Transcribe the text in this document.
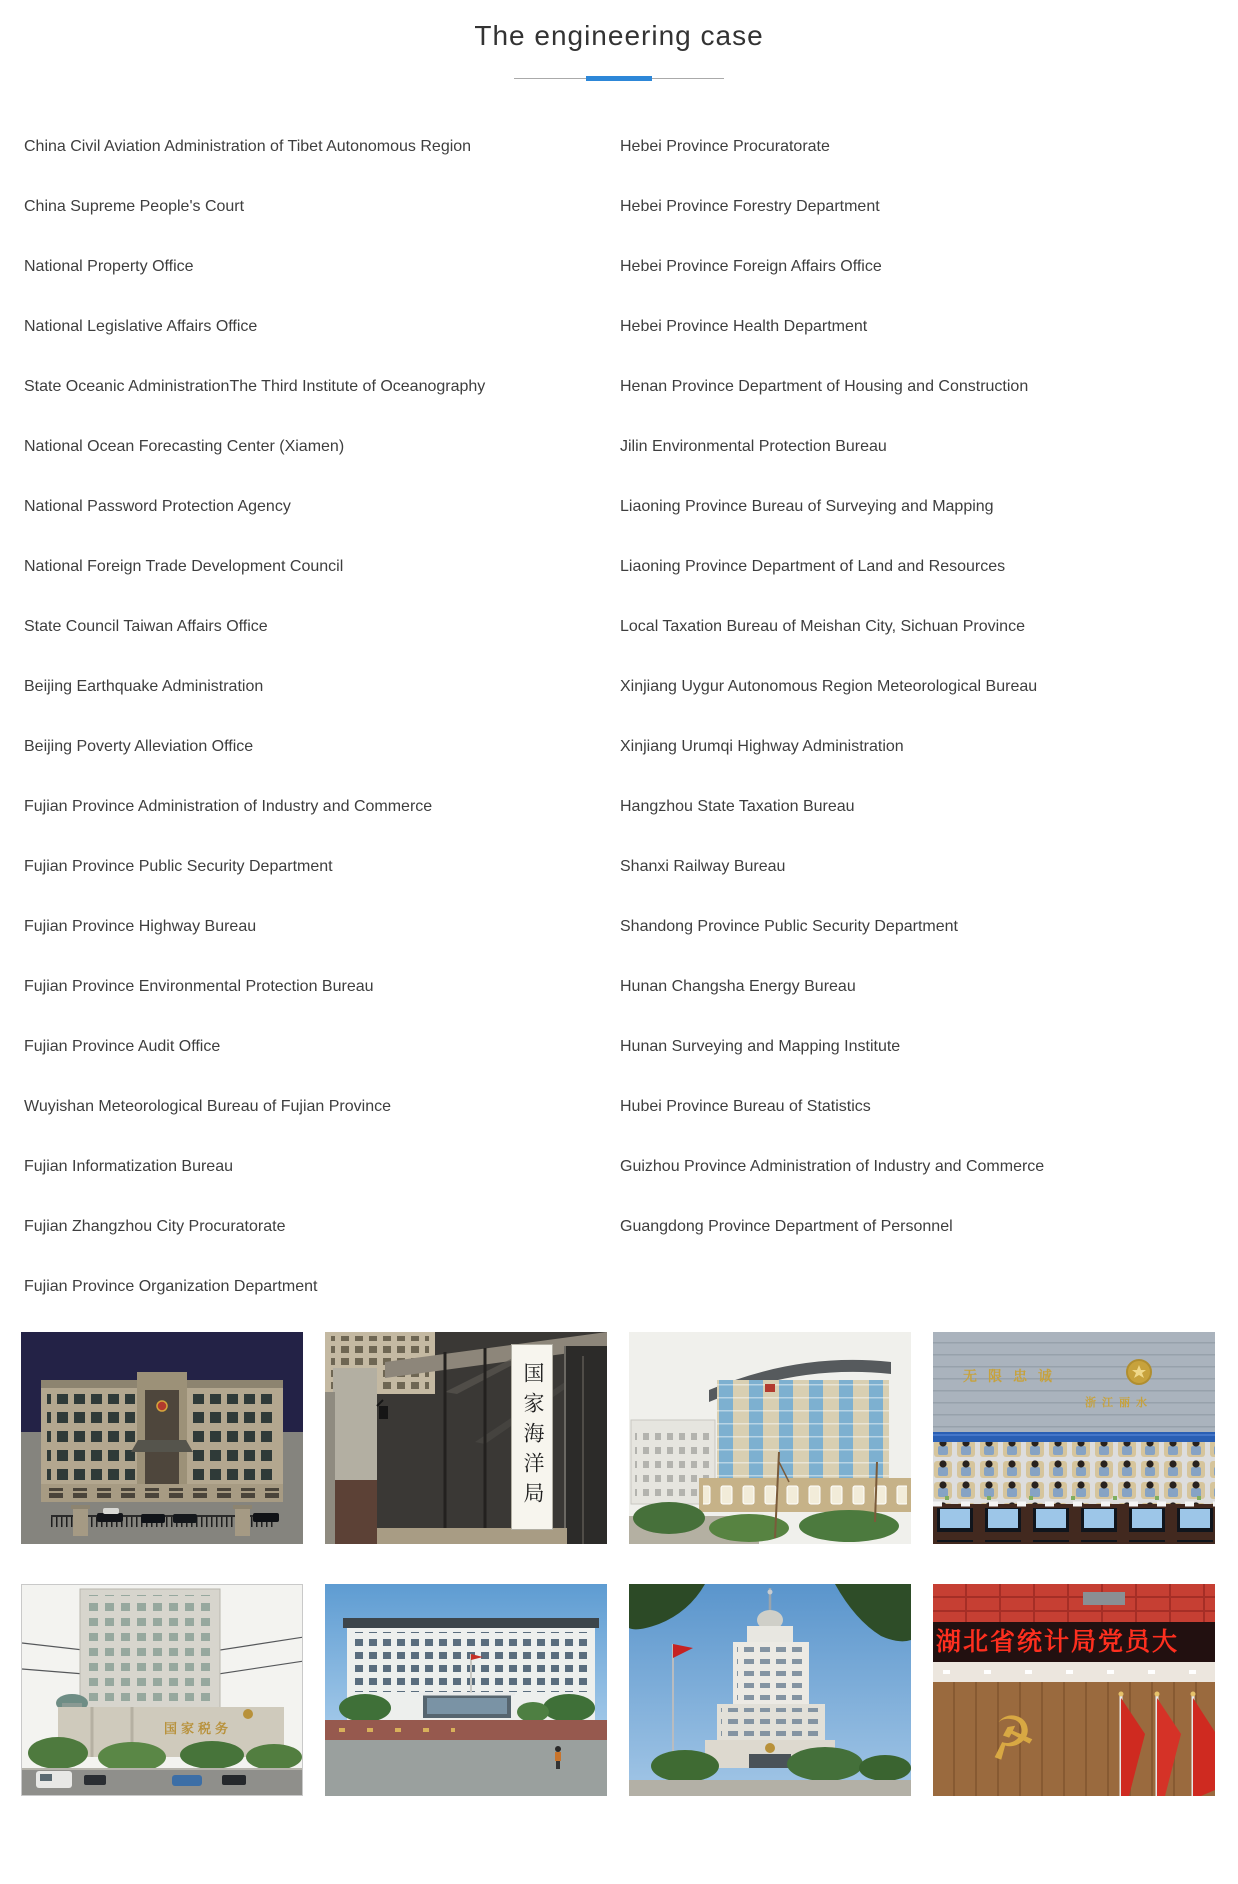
The engineering case
China Civil Aviation Administration of Tibet Autonomous Region
China Supreme People's Court
National Property Office
National Legislative Affairs Office
State Oceanic AdministrationThe Third Institute of Oceanography
National Ocean Forecasting Center (Xiamen)
National Password Protection Agency
National Foreign Trade Development Council
State Council Taiwan Affairs Office
Beijing Earthquake Administration
Beijing Poverty Alleviation Office
Fujian Province Administration of Industry and Commerce
Fujian Province Public Security Department
Fujian Province Highway Bureau
Fujian Province Environmental Protection Bureau
Fujian Province Audit Office
Wuyishan Meteorological Bureau of Fujian Province
Fujian Informatization Bureau
Fujian Zhangzhou City Procuratorate
Fujian Province Organization Department
Hebei Province Procuratorate
Hebei Province Forestry Department
Hebei Province Foreign Affairs Office
Hebei Province Health Department
Henan Province Department of Housing and Construction
Jilin Environmental Protection Bureau
Liaoning Province Bureau of Surveying and Mapping
Liaoning Province Department of Land and Resources
Local Taxation Bureau of Meishan City, Sichuan Province
Xinjiang Uygur Autonomous Region Meteorological Bureau
Xinjiang Urumqi Highway Administration
Hangzhou State Taxation Bureau
Shanxi Railway Bureau
Shandong Province Public Security Department
Hunan Changsha Energy Bureau
Hunan Surveying and Mapping Institute
Hubei Province Bureau of Statistics
Guizhou Province Administration of Industry and Commerce
Guangdong Province Department of Personnel
国家海洋局	无限忠诚
浙江丽水
国家税务	☭
湖北省统计局党员大
